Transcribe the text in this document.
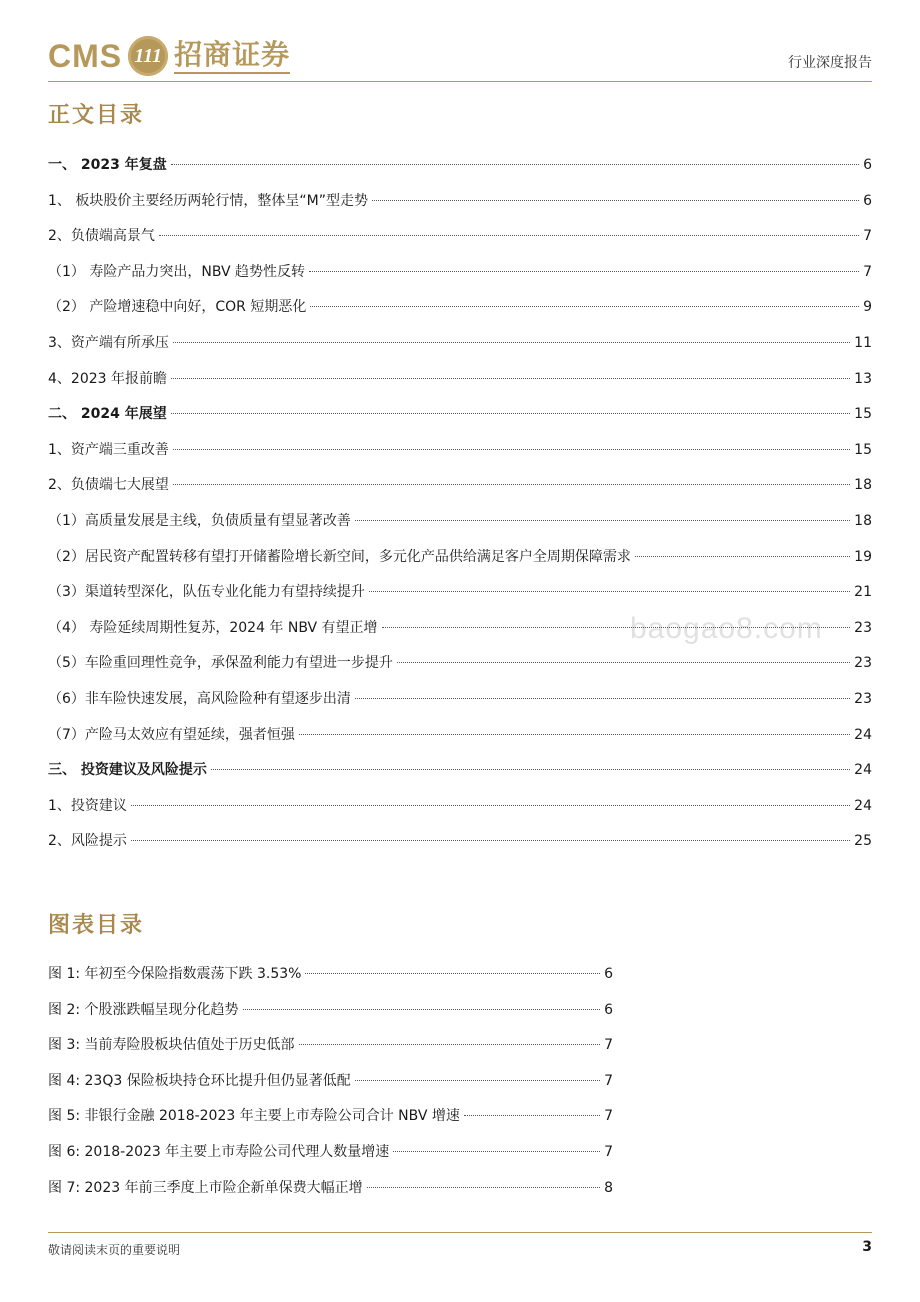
CMS 111 招商证券	行业深度报告
正文目录
一、 2023 年复盘	6
1、 板块股价主要经历两轮行情，整体呈“M”型走势	6
2、负债端高景气	7
（1） 寿险产品力突出，NBV 趋势性反转	7
（2） 产险增速稳中向好，COR 短期恶化	9
3、资产端有所承压	11
4、2023 年报前瞻	13
二、 2024 年展望	15
1、资产端三重改善	15
2、负债端七大展望	18
（1）高质量发展是主线，负债质量有望显著改善	18
（2）居民资产配置转移有望打开储蓄险增长新空间，多元化产品供给满足客户全周期保障需求	19
（3）渠道转型深化，队伍专业化能力有望持续提升	21
（4） 寿险延续周期性复苏，2024 年 NBV 有望正增	23
（5）车险重回理性竞争，承保盈利能力有望进一步提升	23
（6）非车险快速发展，高风险险种有望逐步出清	23
（7）产险马太效应有望延续，强者恒强	24
三、 投资建议及风险提示	24
1、投资建议	24
2、风险提示	25
baogao8.com
图表目录
图 1: 年初至今保险指数震荡下跌 3.53%	6
图 2: 个股涨跌幅呈现分化趋势	6
图 3: 当前寿险股板块估值处于历史低部	7
图 4: 23Q3 保险板块持仓环比提升但仍显著低配	7
图 5: 非银行金融 2018-2023 年主要上市寿险公司合计 NBV 增速	7
图 6: 2018-2023 年主要上市寿险公司代理人数量增速	7
图 7: 2023 年前三季度上市险企新单保费大幅正增	8
敬请阅读末页的重要说明	3
